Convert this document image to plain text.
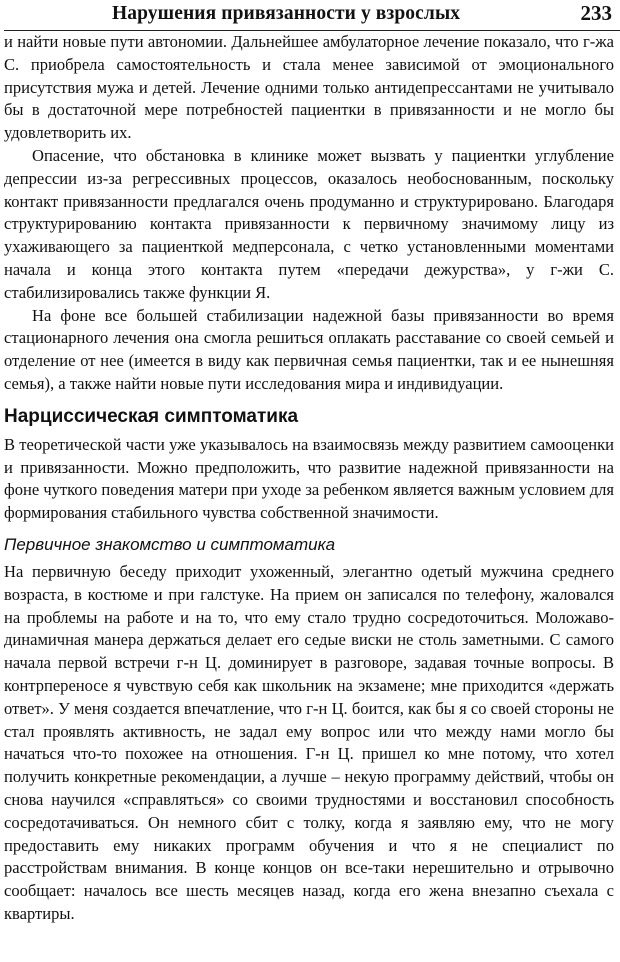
Нарушения привязанности у взрослых	233

и найти новые пути автономии. Дальнейшее амбулаторное лечение показало, что г-жа С. приобрела самостоятельность и стала менее зависимой от эмоционального присутствия мужа и детей. Лечение одними только антидепрессантами не учитывало бы в достаточной мере потребностей пациентки в привязанности и не могло бы удовлетворить их.

Опасение, что обстановка в клинике может вызвать у пациентки углубление депрессии из-за регрессивных процессов, оказалось необоснованным, поскольку контакт привязанности предлагался очень продуманно и структурировано. Благодаря структурированию контакта привязанности к первичному значимому лицу из ухаживающего за пациенткой медперсонала, с четко установленными моментами начала и конца этого контакта путем «передачи дежурства», у г-жи С. стабилизировались также функции Я.

На фоне все большей стабилизации надежной базы привязанности во время стационарного лечения она смогла решиться оплакать расставание со своей семьей и отделение от нее (имеется в виду как первичная семья пациентки, так и ее нынешняя семья), а также найти новые пути исследования мира и индивидуации.

Нарциссическая симптоматика

В теоретической части уже указывалось на взаимосвязь между развитием самооценки и привязанности. Можно предположить, что развитие надежной привязанности на фоне чуткого поведения матери при уходе за ребенком является важным условием для формирования стабильного чувства собственной значимости.

Первичное знакомство и симптоматика

На первичную беседу приходит ухоженный, элегантно одетый мужчина среднего возраста, в костюме и при галстуке. На прием он записался по телефону, жаловался на проблемы на работе и на то, что ему стало трудно сосредоточиться. Моложаво-динамичная манера держаться делает его седые виски не столь заметными. С самого начала первой встречи г-н Ц. доминирует в разговоре, задавая точные вопросы. В контрпереносе я чувствую себя как школьник на экзамене; мне приходится «держать ответ». У меня создается впечатление, что г-н Ц. боится, как бы я со своей стороны не стал проявлять активность, не задал ему вопрос или что между нами могло бы начаться что-то похожее на отношения. Г-н Ц. пришел ко мне потому, что хотел получить конкретные рекомендации, а лучше – некую программу действий, чтобы он снова научился «справляться» со своими трудностями и восстановил способность сосредотачиваться. Он немного сбит с толку, когда я заявляю ему, что не могу предоставить ему никаких программ обучения и что я не специалист по расстройствам внимания. В конце концов он все-таки нерешительно и отрывочно сообщает: началось все шесть месяцев назад, когда его жена внезапно съехала с квартиры.
